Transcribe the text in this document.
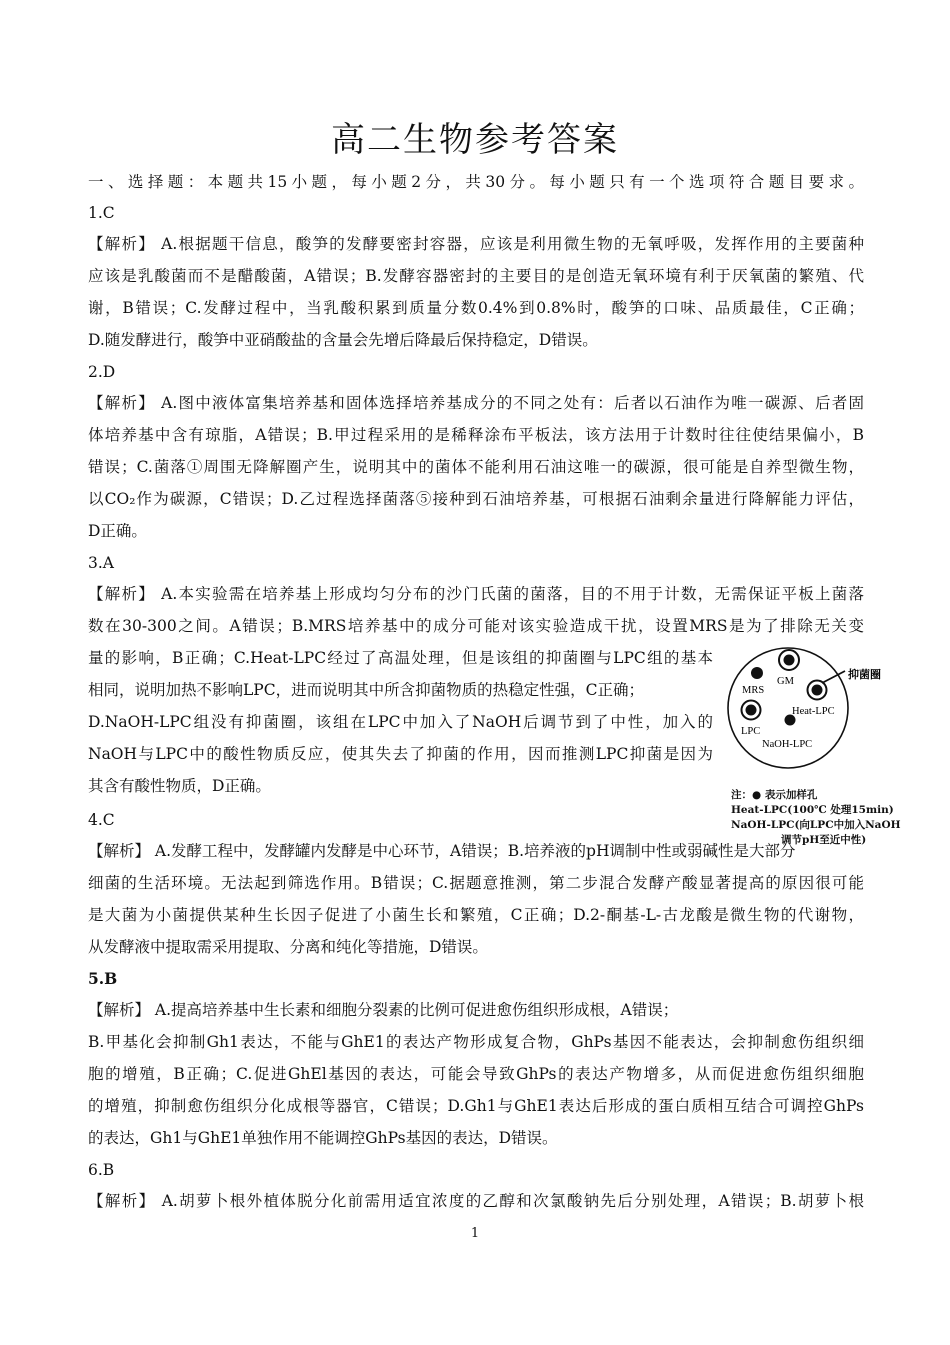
高二生物参考答案
一、选择题：本题共15小题，每小题2分，共30分。每小题只有一个选项符合题目要求。
1.C
【解析】 A.根据题干信息，酸笋的发酵要密封容器，应该是利用微生物的无氧呼吸，发挥作用的主要菌种
应该是乳酸菌而不是醋酸菌，A错误；B.发酵容器密封的主要目的是创造无氧环境有利于厌氧菌的繁殖、代
谢，B错误；C.发酵过程中，当乳酸积累到质量分数0.4%到0.8%时，酸笋的口味、品质最佳，C正确；
D.随发酵进行，酸笋中亚硝酸盐的含量会先增后降最后保持稳定，D错误。
2.D
【解析】 A.图中液体富集培养基和固体选择培养基成分的不同之处有：后者以石油作为唯一碳源、后者固
体培养基中含有琼脂，A错误；B.甲过程采用的是稀释涂布平板法，该方法用于计数时往往使结果偏小，B
错误；C.菌落①周围无降解圈产生，说明其中的菌体不能利用石油这唯一的碳源，很可能是自养型微生物，
以CO₂作为碳源，C错误；D.乙过程选择菌落⑤接种到石油培养基，可根据石油剩余量进行降解能力评估，
D正确。
3.A
【解析】 A.本实验需在培养基上形成均匀分布的沙门氏菌的菌落，目的不用于计数，无需保证平板上菌落
数在30-300之间。A错误；B.MRS培养基中的成分可能对该实验造成干扰，设置MRS是为了排除无关变
量的影响，B正确；C.Heat-LPC经过了高温处理，但是该组的抑菌圈与LPC组的基本
相同，说明加热不影响LPC，进而说明其中所含抑菌物质的热稳定性强，C正确；
D.NaOH-LPC组没有抑菌圈，该组在LPC中加入了NaOH后调节到了中性，加入的
NaOH与LPC中的酸性物质反应，使其失去了抑菌的作用，因而推测LPC抑菌是因为
其含有酸性物质，D正确。
4.C
【解析】 A.发酵工程中，发酵罐内发酵是中心环节，A错误；B.培养液的pH调制中性或弱碱性是大部分
细菌的生活环境。无法起到筛选作用。B错误；C.据题意推测，第二步混合发酵产酸显著提高的原因很可能
是大菌为小菌提供某种生长因子促进了小菌生长和繁殖，C正确；D.2-酮基-L-古龙酸是微生物的代谢物，
从发酵液中提取需采用提取、分离和纯化等措施，D错误。
5.B
【解析】 A.提高培养基中生长素和细胞分裂素的比例可促进愈伤组织形成根，A错误；
B.甲基化会抑制Gh1表达，不能与GhE1的表达产物形成复合物，GhPs基因不能表达，会抑制愈伤组织细
胞的增殖，B正确；C.促进GhEl基因的表达，可能会导致GhPs的表达产物增多，从而促进愈伤组织细胞
的增殖，抑制愈伤组织分化成根等器官，C错误；D.Gh1与GhE1表达后形成的蛋白质相互结合可调控GhPs
的表达，Gh1与GhE1单独作用不能调控GhPs基因的表达，D错误。
6.B
【解析】 A.胡萝卜根外植体脱分化前需用适宜浓度的乙醇和次氯酸钠先后分别处理，A错误；B.胡萝卜根
MRS
GM
Heat-LPC
LPC
NaOH-LPC
抑菌圈
注：● 表示加样孔
Heat-LPC(100℃ 处理15min)
NaOH-LPC(向LPC中加入NaOH
调节pH至近中性)
1
